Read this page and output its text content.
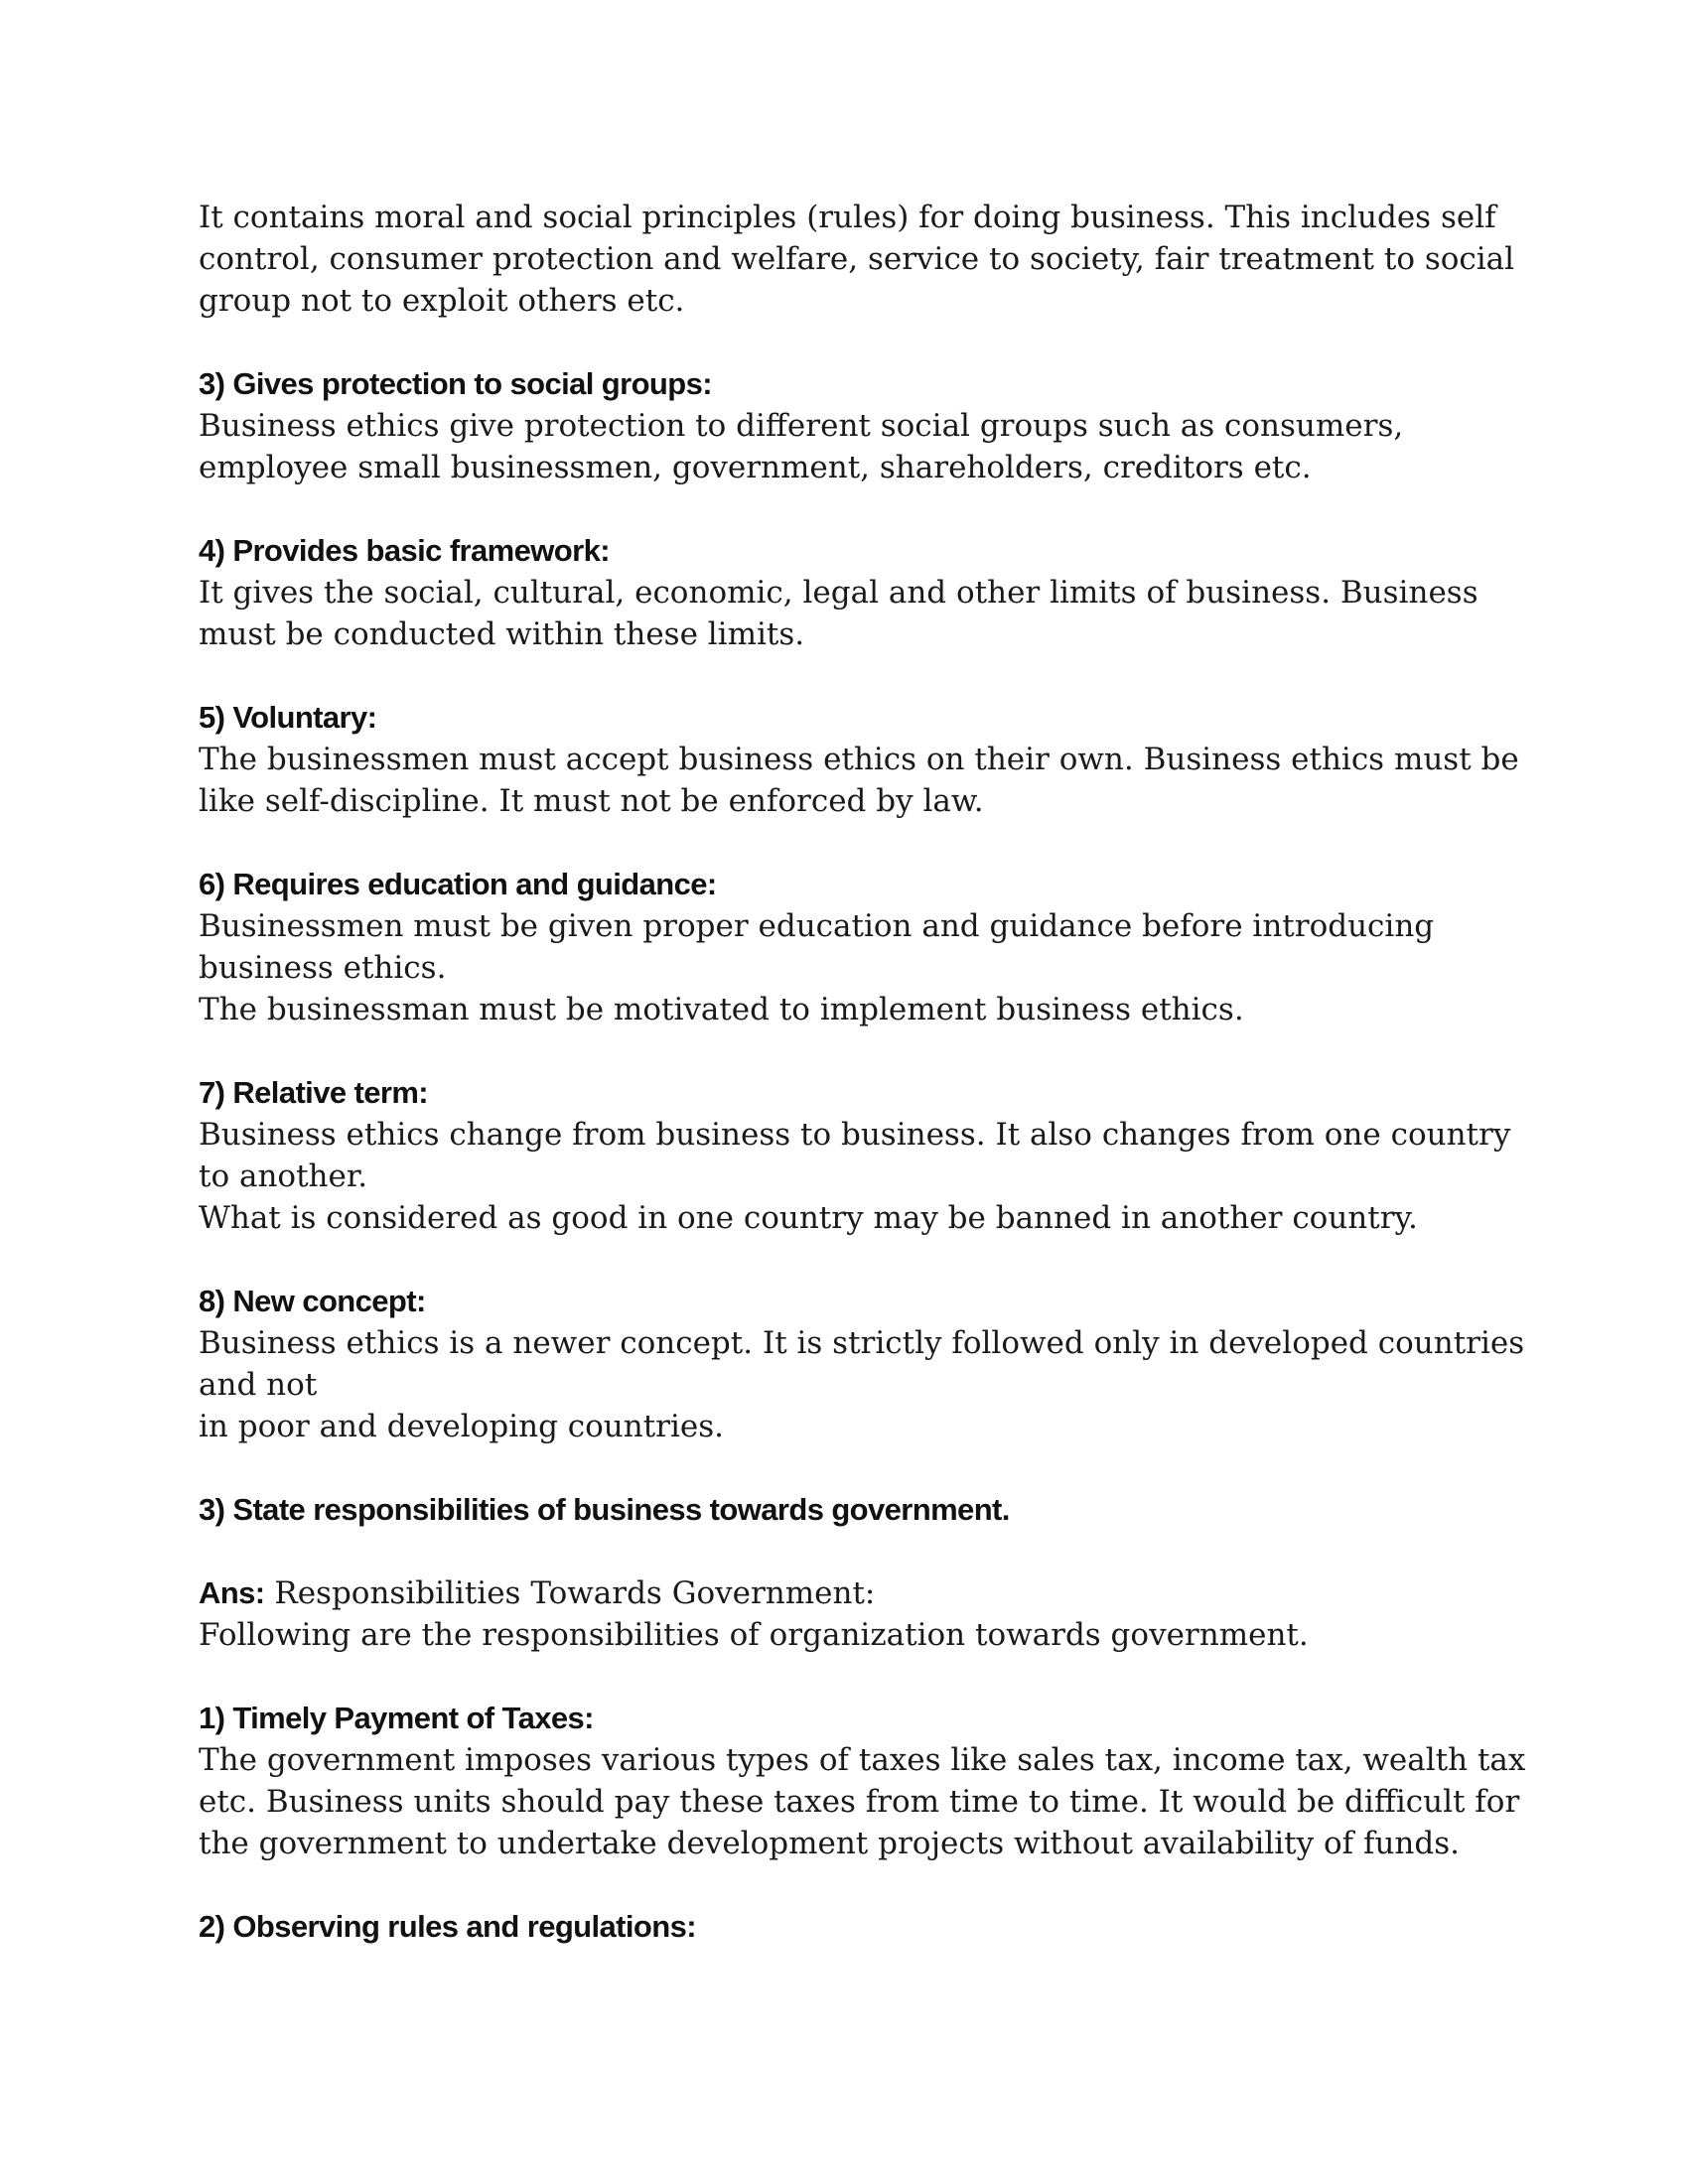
It contains moral and social principles (rules) for doing business. This includes self
control, consumer protection and welfare, service to society, fair treatment to social
group not to exploit others etc.
3) Gives protection to social groups:
Business ethics give protection to different social groups such as consumers,
employee small businessmen, government, shareholders, creditors etc.
4) Provides basic framework:
It gives the social, cultural, economic, legal and other limits of business. Business
must be conducted within these limits.
5) Voluntary:
The businessmen must accept business ethics on their own. Business ethics must be
like self-discipline. It must not be enforced by law.
6) Requires education and guidance:
Businessmen must be given proper education and guidance before introducing
business ethics.
The businessman must be motivated to implement business ethics.
7) Relative term:
Business ethics change from business to business. It also changes from one country
to another.
What is considered as good in one country may be banned in another country.
8) New concept:
Business ethics is a newer concept. It is strictly followed only in developed countries
and not
in poor and developing countries.
3) State responsibilities of business towards government.
Ans: Responsibilities Towards Government:
Following are the responsibilities of organization towards government.
1) Timely Payment of Taxes:
The government imposes various types of taxes like sales tax, income tax, wealth tax
etc. Business units should pay these taxes from time to time. It would be difficult for
the government to undertake development projects without availability of funds.
2) Observing rules and regulations:
